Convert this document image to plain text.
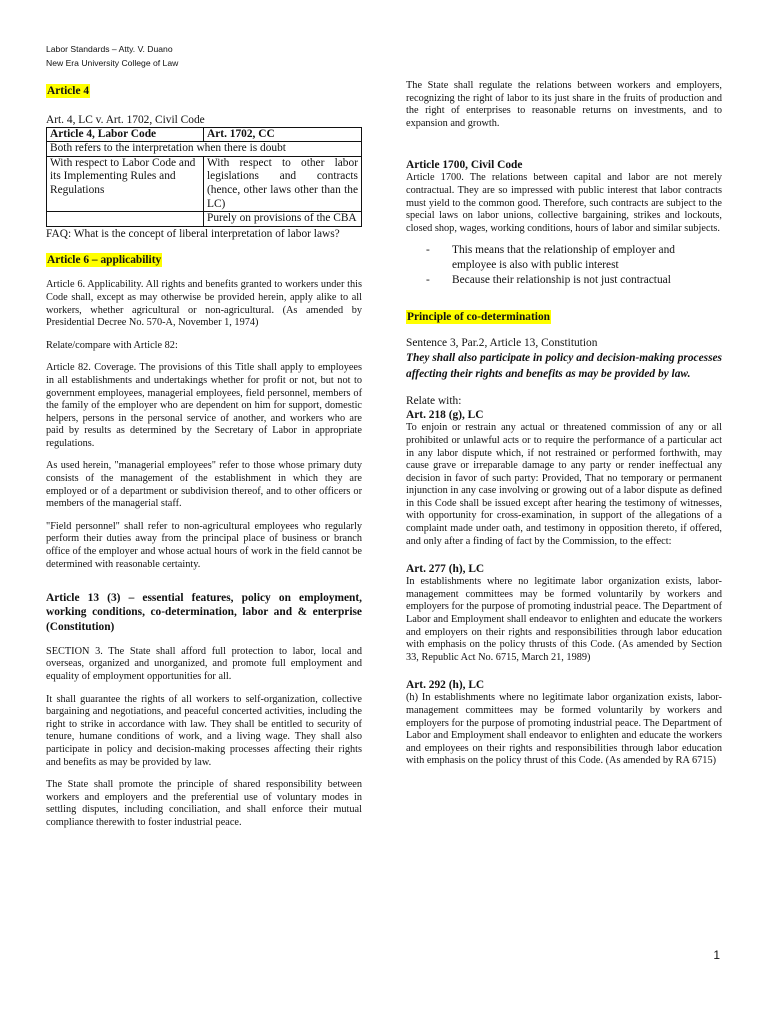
Labor Standards – Atty. V. Duano
New Era University College of Law
Article 4

Art. 4, LC v. Art. 1702, Civil Code

Article 4, Labor Code	Art. 1702, CC
Both refers to the interpretation when there is doubt	
With respect to Labor Code and its Implementing Rules and Regulations	With respect to other labor legislations and contracts (hence, other laws other than the LC)
	Purely on provisions of the CBA

FAQ: What is the concept of liberal interpretation of labor laws?

Article 6 – applicability

Article 6. Applicability. All rights and benefits granted to workers under this Code shall, except as may otherwise be provided herein, apply alike to all workers, whether agricultural or non-agricultural. (As amended by Presidential Decree No. 570-A, November 1, 1974)

Relate/compare with Article 82:

Article 82. Coverage. The provisions of this Title shall apply to employees in all establishments and undertakings whether for profit or not, but not to government employees, managerial employees, field personnel, members of the family of the employer who are dependent on him for support, domestic helpers, persons in the personal service of another, and workers who are paid by results as determined by the Secretary of Labor in appropriate regulations.

As used herein, "managerial employees" refer to those whose primary duty consists of the management of the establishment in which they are employed or of a department or subdivision thereof, and to other officers or members of the managerial staff.

"Field personnel" shall refer to non-agricultural employees who regularly perform their duties away from the principal place of business or branch office of the employer and whose actual hours of work in the field cannot be determined with reasonable certainty.

Article 13 (3) – essential features, policy on employment, working conditions, co-determination, labor and & enterprise (Constitution)

SECTION 3. The State shall afford full protection to labor, local and overseas, organized and unorganized, and promote full employment and equality of employment opportunities for all.

It shall guarantee the rights of all workers to self-organization, collective bargaining and negotiations, and peaceful concerted activities, including the right to strike in accordance with law. They shall be entitled to security of tenure, humane conditions of work, and a living wage. They shall also participate in policy and decision-making processes affecting their rights and benefits as may be provided by law.

The State shall promote the principle of shared responsibility between workers and employers and the preferential use of voluntary modes in settling disputes, including conciliation, and shall enforce their mutual compliance therewith to foster industrial peace.

The State shall regulate the relations between workers and employers, recognizing the right of labor to its just share in the fruits of production and the right of enterprises to reasonable returns on investments, and to expansion and growth.

Article 1700, Civil Code

Article 1700. The relations between capital and labor are not merely contractual. They are so impressed with public interest that labor contracts must yield to the common good. Therefore, such contracts are subject to the special laws on labor unions, collective bargaining, strikes and lockouts, closed shop, wages, working conditions, hours of labor and similar subjects.

-	This means that the relationship of employer and employee is also with public interest
-	Because their relationship is not just contractual
Principle of co-determination

Sentence 3, Par.2, Article 13, Constitution

They shall also participate in policy and decision-making processes affecting their rights and benefits as may be provided by law.

Relate with:

Art. 218 (g), LC

To enjoin or restrain any actual or threatened commission of any or all prohibited or unlawful acts or to require the performance of a particular act in any labor dispute which, if not restrained or performed forthwith, may cause grave or irreparable damage to any party or render ineffectual any decision in favor of such party: Provided, That no temporary or permanent injunction in any case involving or growing out of a labor dispute as defined in this Code shall be issued except after hearing the testimony of witnesses, with opportunity for cross-examination, in support of the allegations of a complaint made under oath, and testimony in opposition thereto, if offered, and only after a finding of fact by the Commission, to the effect:

Art. 277 (h), LC

In establishments where no legitimate labor organization exists, labor-management committees may be formed voluntarily by workers and employers for the purpose of promoting industrial peace. The Department of Labor and Employment shall endeavor to enlighten and educate the workers and employers on their rights and responsibilities through labor education with emphasis on the policy thrusts of this Code. (As amended by Section 33, Republic Act No. 6715, March 21, 1989)

Art. 292 (h), LC

(h) In establishments where no legitimate labor organization exists, labor-management committees may be formed voluntarily by workers and employers for the purpose of promoting industrial peace. The Department of Labor and Employment shall endeavor to enlighten and educate the workers and employees on their rights and responsibilities through labor education with emphasis on the policy thrust of this Code. (As amended by RA 6715)

1
